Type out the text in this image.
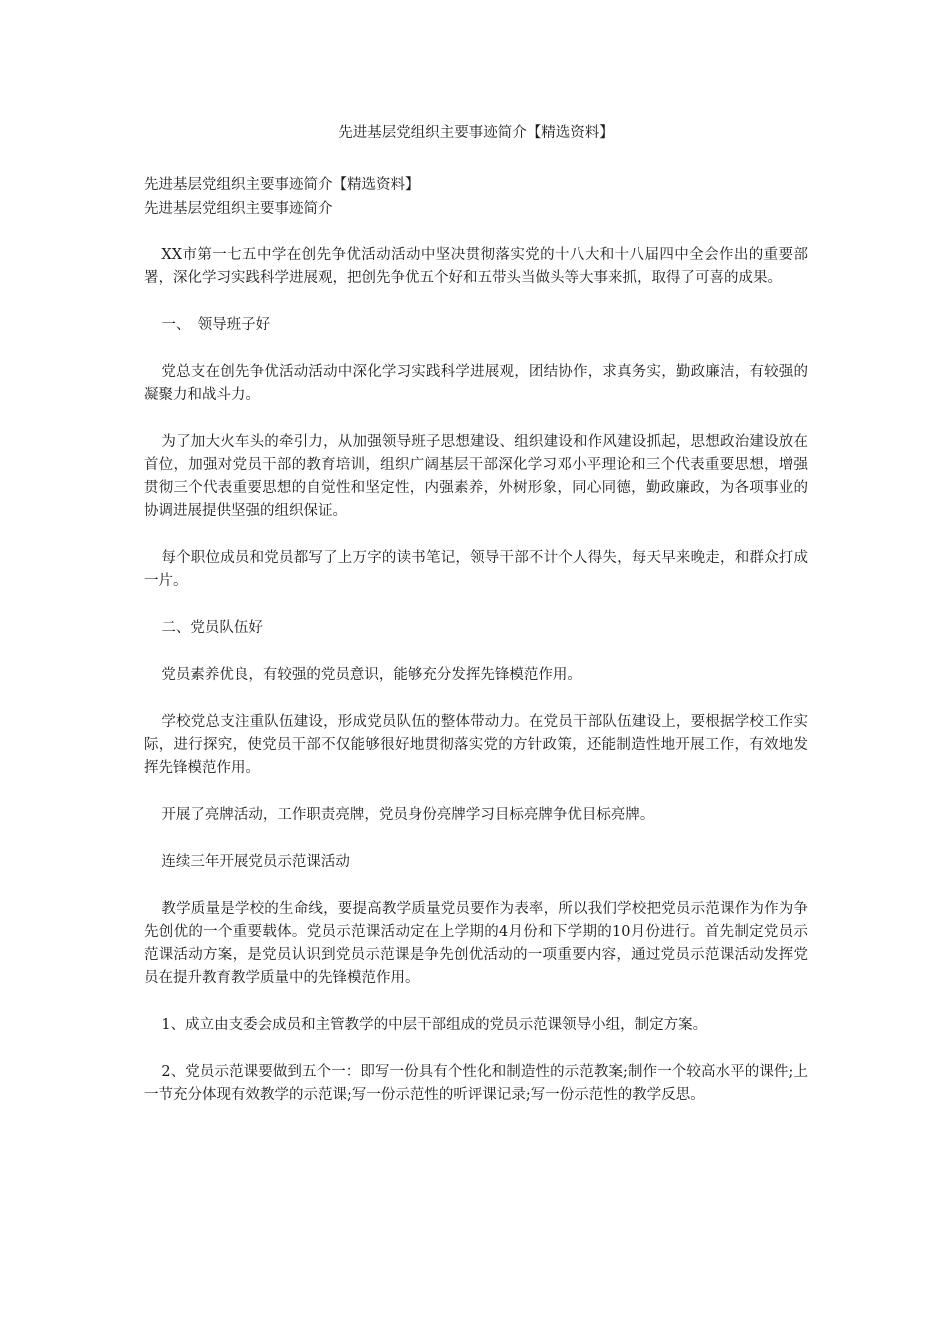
先进基层党组织主要事迹简介【精选资料】

先进基层党组织主要事迹简介【精选资料】

先进基层党组织主要事迹简介

XX市第一七五中学在创先争优活动活动中坚决贯彻落实党的十八大和十八届四中全会作出的重要部署，深化学习实践科学进展观，把创先争优五个好和五带头当做头等大事来抓，取得了可喜的成果。

一、　领导班子好

党总支在创先争优活动活动中深化学习实践科学进展观，团结协作，求真务实，勤政廉洁，有较强的凝聚力和战斗力。

为了加大火车头的牵引力，从加强领导班子思想建设、组织建设和作风建设抓起，思想政治建设放在首位，加强对党员干部的教育培训，组织广阔基层干部深化学习邓小平理论和三个代表重要思想，增强贯彻三个代表重要思想的自觉性和坚定性，内强素养，外树形象，同心同德，勤政廉政，为各项事业的协调进展提供坚强的组织保证。

每个职位成员和党员都写了上万字的读书笔记，领导干部不计个人得失，每天早来晚走，和群众打成一片。

二、党员队伍好

党员素养优良，有较强的党员意识，能够充分发挥先锋模范作用。

学校党总支注重队伍建设，形成党员队伍的整体带动力。在党员干部队伍建设上，要根据学校工作实际，进行探究，使党员干部不仅能够很好地贯彻落实党的方针政策，还能制造性地开展工作，有效地发挥先锋模范作用。

开展了亮牌活动，工作职责亮牌，党员身份亮牌学习目标亮牌争优目标亮牌。

连续三年开展党员示范课活动

教学质量是学校的生命线，要提高教学质量党员要作为表率，所以我们学校把党员示范课作为作为争先创优的一个重要载体。党员示范课活动定在上学期的4月份和下学期的10月份进行。首先制定党员示范课活动方案，是党员认识到党员示范课是争先创优活动的一项重要内容，通过党员示范课活动发挥党员在提升教育教学质量中的先锋模范作用。

1、成立由支委会成员和主管教学的中层干部组成的党员示范课领导小组，制定方案。

2、党员示范课要做到五个一：即写一份具有个性化和制造性的示范教案;制作一个较高水平的课件;上一节充分体现有效教学的示范课;写一份示范性的听评课记录;写一份示范性的教学反思。
